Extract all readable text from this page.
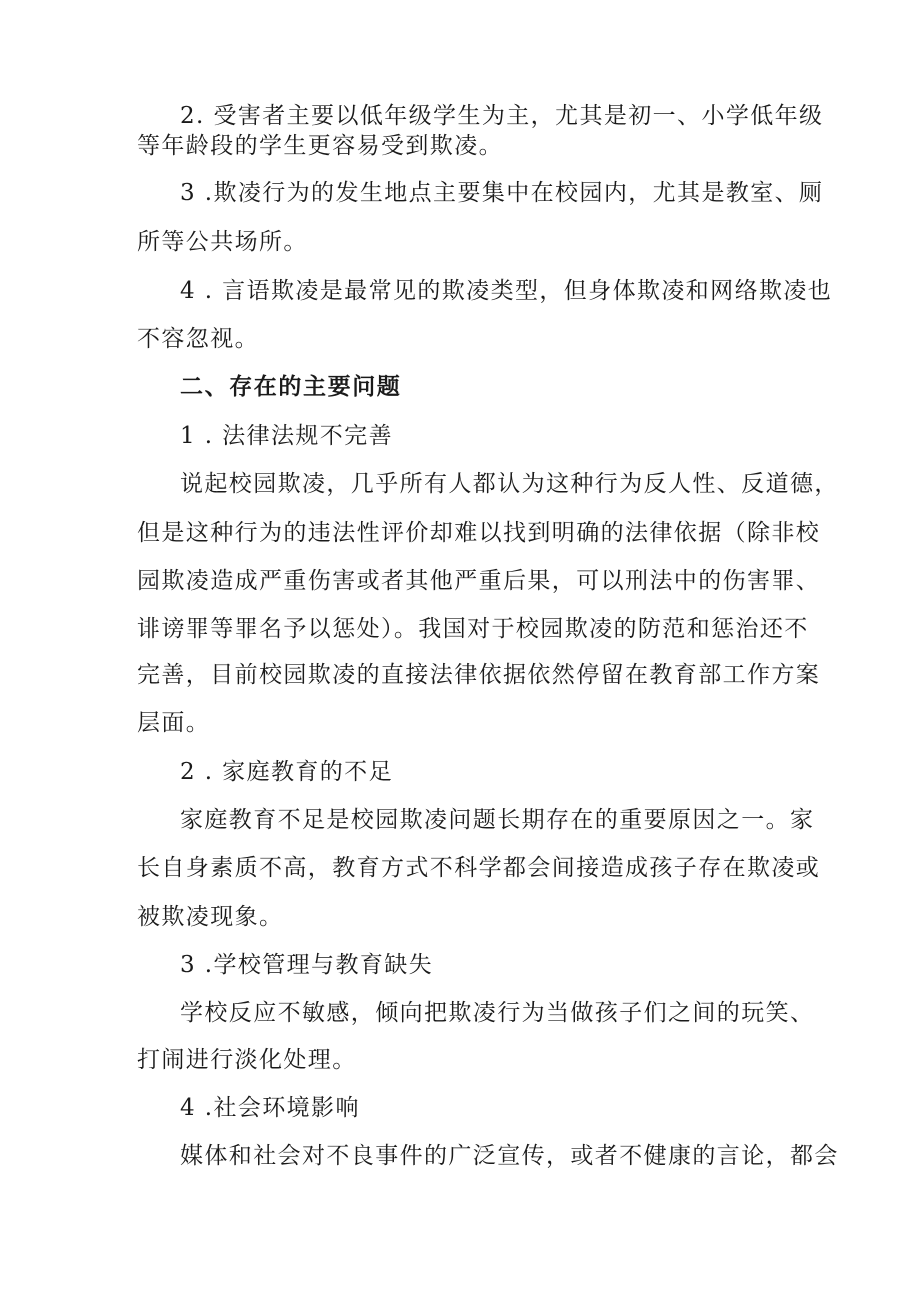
2. 受害者主要以低年级学生为主，尤其是初一、小学低年级
等年龄段的学生更容易受到欺凌。
3 .欺凌行为的发生地点主要集中在校园内，尤其是教室、厕
所等公共场所。
4 . 言语欺凌是最常见的欺凌类型，但身体欺凌和网络欺凌也
不容忽视。
二、存在的主要问题
1 . 法律法规不完善
说起校园欺凌，几乎所有人都认为这种行为反人性、反道德，
但是这种行为的违法性评价却难以找到明确的法律依据（除非校
园欺凌造成严重伤害或者其他严重后果，可以刑法中的伤害罪、
诽谤罪等罪名予以惩处）。我国对于校园欺凌的防范和惩治还不
完善，目前校园欺凌的直接法律依据依然停留在教育部工作方案
层面。
2 . 家庭教育的不足
家庭教育不足是校园欺凌问题长期存在的重要原因之一。家
长自身素质不高，教育方式不科学都会间接造成孩子存在欺凌或
被欺凌现象。
3 .学校管理与教育缺失
学校反应不敏感，倾向把欺凌行为当做孩子们之间的玩笑、
打闹进行淡化处理。
4 .社会环境影响
媒体和社会对不良事件的广泛宣传，或者不健康的言论，都会
